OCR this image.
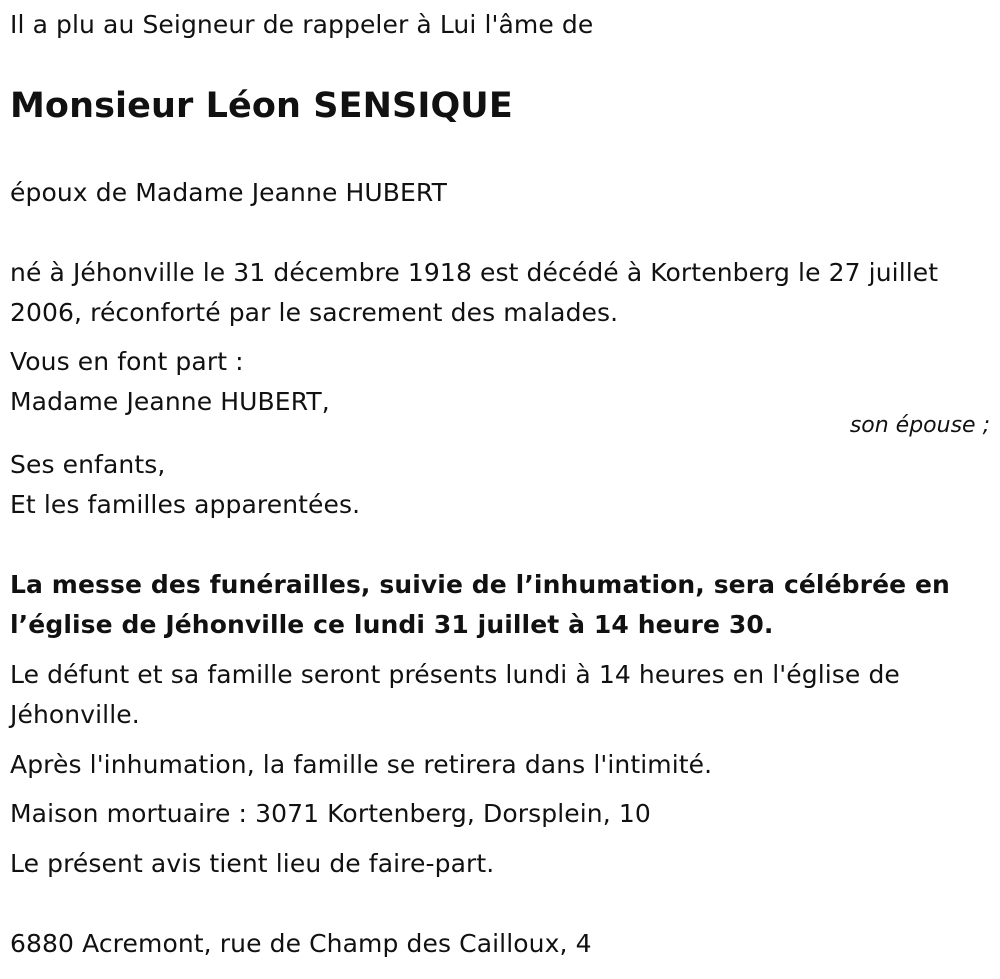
Il a plu au Seigneur de rappeler à Lui l'âme de
Monsieur Léon SENSIQUE
époux de Madame Jeanne HUBERT
né à Jéhonville le 31 décembre 1918 est décédé à Kortenberg le 27 juillet
2006, réconforté par le sacrement des malades.
Vous en font part :
Madame Jeanne HUBERT,
son épouse ;
Ses enfants,
Et les familles apparentées.
La messe des funérailles, suivie de l’inhumation, sera célébrée en
l’église de Jéhonville ce lundi 31 juillet à 14 heure 30.
Le défunt et sa famille seront présents lundi à 14 heures en l'église de
Jéhonville.
Après l'inhumation, la famille se retirera dans l'intimité.
Maison mortuaire : 3071 Kortenberg, Dorsplein, 10
Le présent avis tient lieu de faire-part.
6880 Acremont, rue de Champ des Cailloux, 4
